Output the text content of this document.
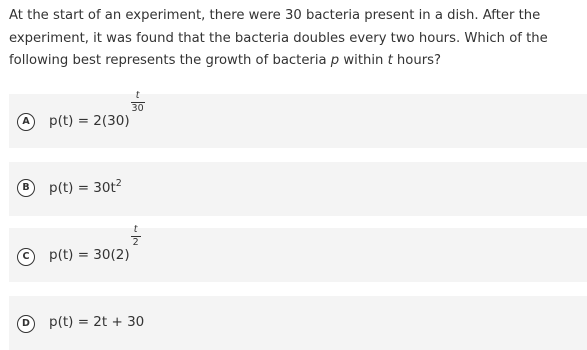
At the start of an experiment, there were 30 bacteria present in a dish. After the experiment, it was found that the bacteria doubles every two hours. Which of the following best represents the growth of bacteria p within t hours?
A	$p(t) = 2(30) \frac{t}{30}$
B	$p(t) = 30t^2$
C	$p(t) = 30(2) \frac{t}{2}$
D	p(t) = 2t + 30
